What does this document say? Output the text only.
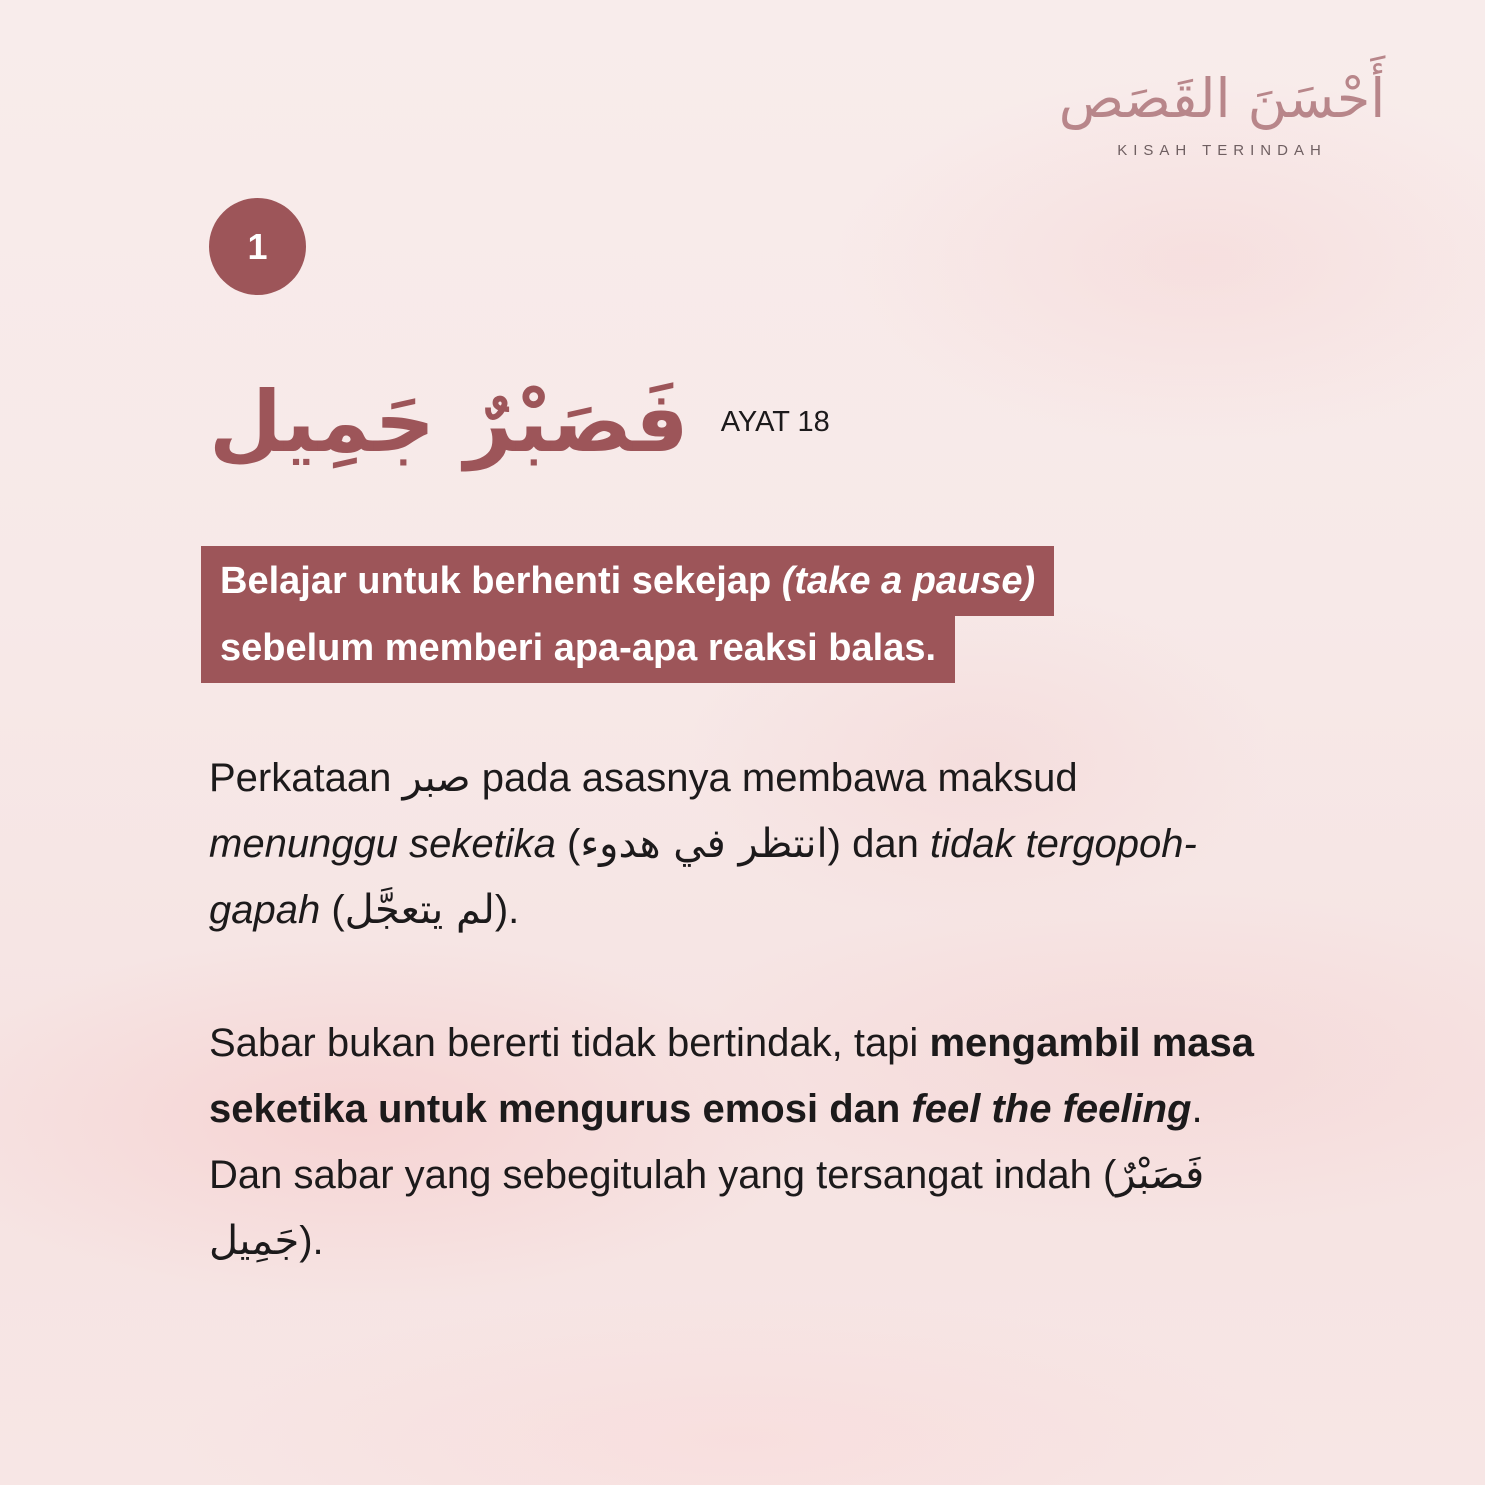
أَحْسَنَ القَصَص
KISAH TERINDAH
1
فَصَبْرٌ جَمِيل AYAT 18
Belajar untuk berhenti sekejap (take a pause)
sebelum memberi apa-apa reaksi balas.

Perkataan صبر pada asasnya membawa maksud menunggu seketika (انتظر في هدوء) dan tidak tergopoh-gapah (لم يتعجَّل).

Sabar bukan bererti tidak bertindak, tapi mengambil masa seketika untuk mengurus emosi dan feel the feeling. Dan sabar yang sebegitulah yang tersangat indah (فَصَبْرٌ جَمِيل).
